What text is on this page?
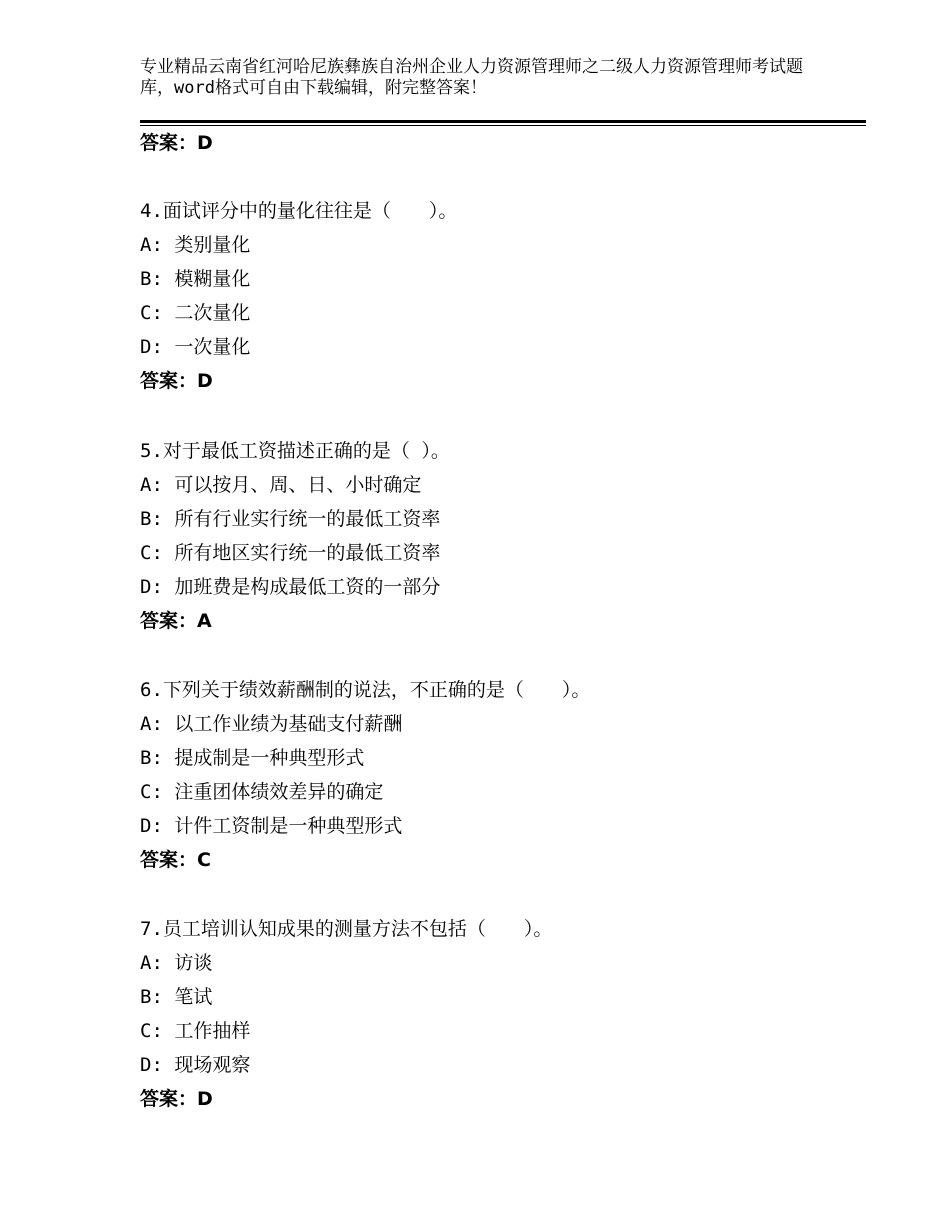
专业精品云南省红河哈尼族彝族自治州企业人力资源管理师之二级人力资源管理师考试题库，word格式可自由下载编辑，附完整答案！
答案：D
4.面试评分中的量化往往是（　　）。
A: 类别量化
B: 模糊量化
C: 二次量化
D: 一次量化
答案：D
5.对于最低工资描述正确的是（ ）。
A: 可以按月、周、日、小时确定
B: 所有行业实行统一的最低工资率
C: 所有地区实行统一的最低工资率
D: 加班费是构成最低工资的一部分
答案：A
6.下列关于绩效薪酬制的说法，不正确的是（　　）。
A: 以工作业绩为基础支付薪酬
B: 提成制是一种典型形式
C: 注重团体绩效差异的确定
D: 计件工资制是一种典型形式
答案：C
7.员工培训认知成果的测量方法不包括（　　）。
A: 访谈
B: 笔试
C: 工作抽样
D: 现场观察
答案：D
